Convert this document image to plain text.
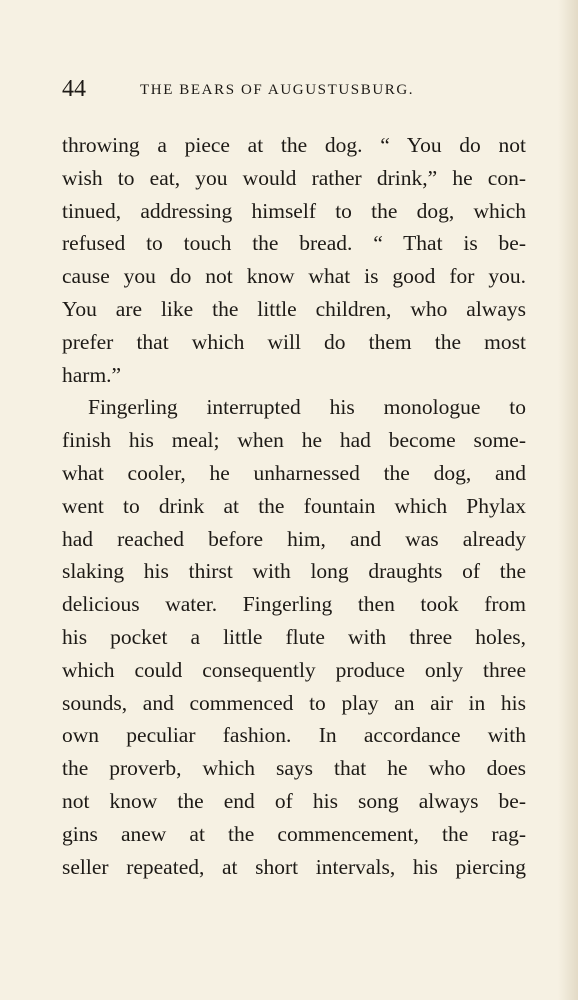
44	THE BEARS OF AUGUSTUSBURG.
throwing a piece at the dog. “ You do not
wish to eat, you would rather drink,” he con-
tinued, addressing himself to the dog, which
refused to touch the bread. “ That is be-
cause you do not know what is good for you.
You are like the little children, who always
prefer that which will do them the most
harm.”
Fingerling interrupted his monologue to
finish his meal; when he had become some-
what cooler, he unharnessed the dog, and
went to drink at the fountain which Phylax
had reached before him, and was already
slaking his thirst with long draughts of the
delicious water. Fingerling then took from
his pocket a little flute with three holes,
which could consequently produce only three
sounds, and commenced to play an air in his
own peculiar fashion. In accordance with
the proverb, which says that he who does
not know the end of his song always be-
gins anew at the commencement, the rag-
seller repeated, at short intervals, his piercing
